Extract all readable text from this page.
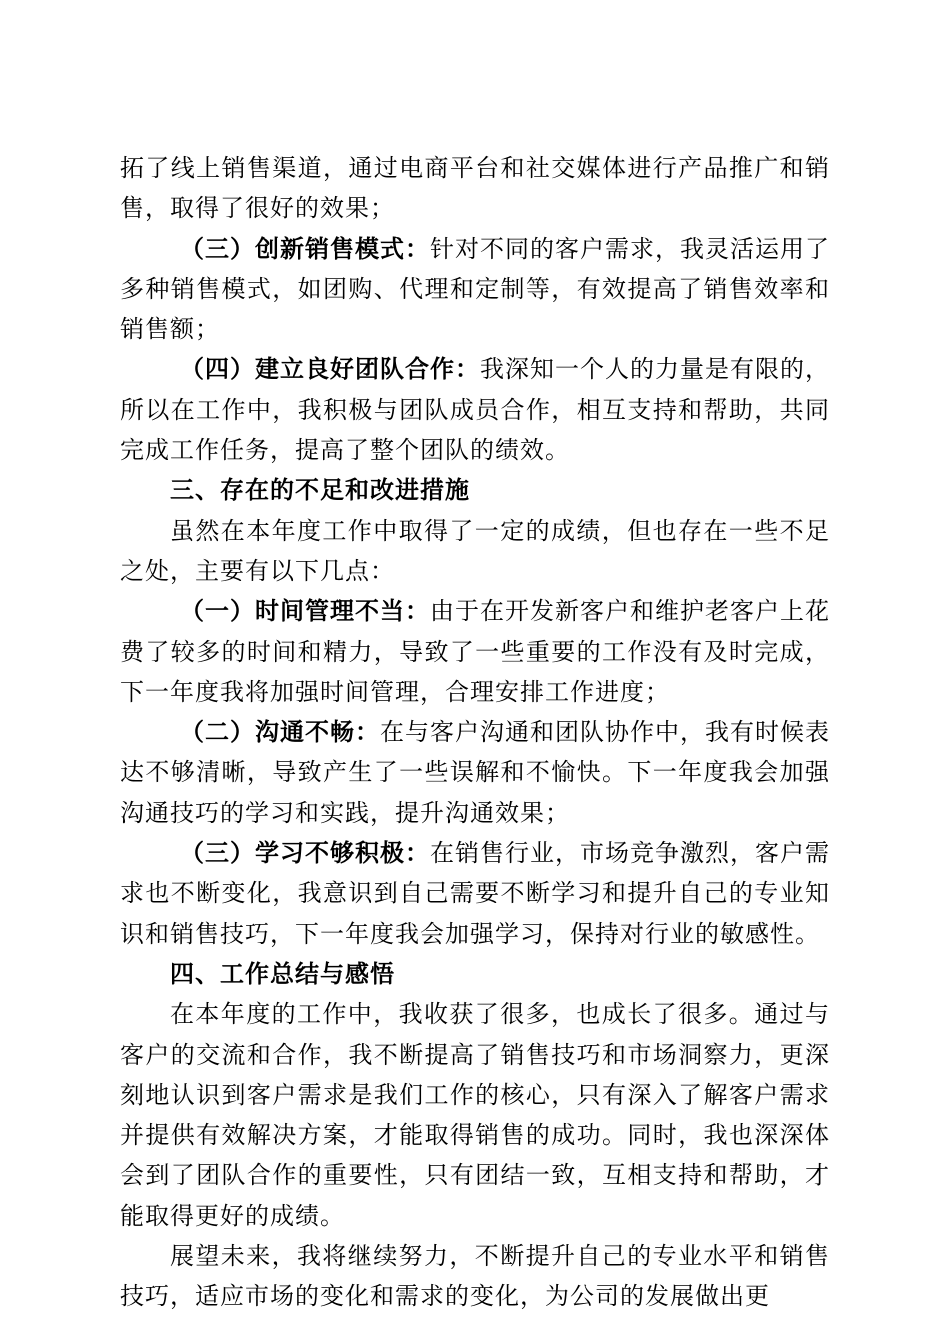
拓了线上销售渠道，通过电商平台和社交媒体进行产品推广和销售，取得了很好的效果；

（三）创新销售模式：针对不同的客户需求，我灵活运用了多种销售模式，如团购、代理和定制等，有效提高了销售效率和销售额；

（四）建立良好团队合作：我深知一个人的力量是有限的，所以在工作中，我积极与团队成员合作，相互支持和帮助，共同完成工作任务，提高了整个团队的绩效。

三、存在的不足和改进措施

虽然在本年度工作中取得了一定的成绩，但也存在一些不足之处，主要有以下几点：

（一）时间管理不当：由于在开发新客户和维护老客户上花费了较多的时间和精力，导致了一些重要的工作没有及时完成，下一年度我将加强时间管理，合理安排工作进度；

（二）沟通不畅：在与客户沟通和团队协作中，我有时候表达不够清晰，导致产生了一些误解和不愉快。下一年度我会加强沟通技巧的学习和实践，提升沟通效果；

（三）学习不够积极：在销售行业，市场竞争激烈，客户需求也不断变化，我意识到自己需要不断学习和提升自己的专业知识和销售技巧，下一年度我会加强学习，保持对行业的敏感性。

四、工作总结与感悟

在本年度的工作中，我收获了很多，也成长了很多。通过与客户的交流和合作，我不断提高了销售技巧和市场洞察力，更深刻地认识到客户需求是我们工作的核心，只有深入了解客户需求并提供有效解决方案，才能取得销售的成功。同时，我也深深体会到了团队合作的重要性，只有团结一致，互相支持和帮助，才能取得更好的成绩。

展望未来，我将继续努力，不断提升自己的专业水平和销售技巧，适应市场的变化和需求的变化，为公司的发展做出更
